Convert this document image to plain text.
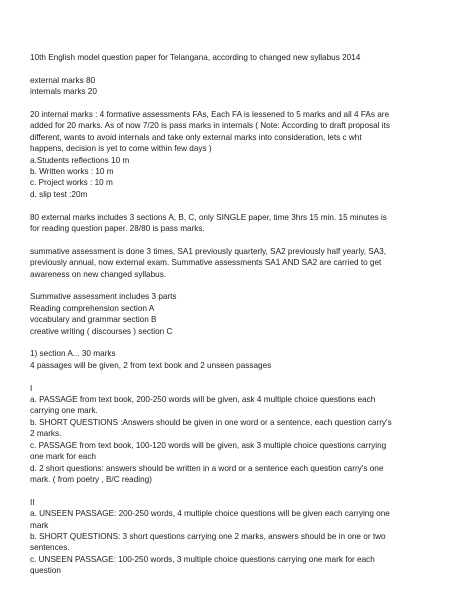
10th English model question paper for Telangana, according to changed new syllabus 2014
external marks 80
internals marks 20
20 internal marks : 4 formative assessments FAs, Each FA is lessened to 5 marks and all 4 FAs are
added for 20 marks. As of now 7/20 is pass marks in internals ( Note: According to draft proposal its
different, wants to avoid internals and take only external marks into consideration, lets c wht
happens, decision is yet to come within few days )
a.Students reflections 10 m
b. Written works : 10 m
c. Project works : 10 m
d. slip test :20m
80 external marks includes 3 sections A, B, C, only SINGLE paper, time 3hrs 15 min. 15 minutes is
for reading question paper. 28/80 is pass marks.
summative assessment is done 3 times, SA1 previously quarterly, SA2 previously half yearly, SA3,
previously annual, now external exam. Summative assessments SA1 AND SA2 are carried to get
awareness on new changed syllabus.
Summative assessment includes 3 parts
Reading comprehension section A
vocabulary and grammar section B
creative writing ( discourses ) section C
1) section A... 30 marks
4 passages will be given, 2 from text book and 2 unseen passages
I
a. PASSAGE from text book, 200-250 words will be given, ask 4 multiple choice questions each
carrying one mark.
b. SHORT QUESTIONS :Answers should be given in one word or a sentence, each question carry's
2 marks.
c. PASSAGE from text book, 100-120 words will be given, ask 3 multiple choice questions carrying
one mark for each
d. 2 short questions: answers should be written in a word or a sentence each question carry's one
mark. ( from poetry , B/C reading)
II
a. UNSEEN PASSAGE: 200-250 words, 4 multiple choice questions will be given each carrying one
mark
b. SHORT QUESTIONS: 3 short questions carrying one 2 marks, answers should be in one or two
sentences.
c. UNSEEN PASSAGE: 100-250 words, 3 multiple choice questions carrying one mark for each
question
